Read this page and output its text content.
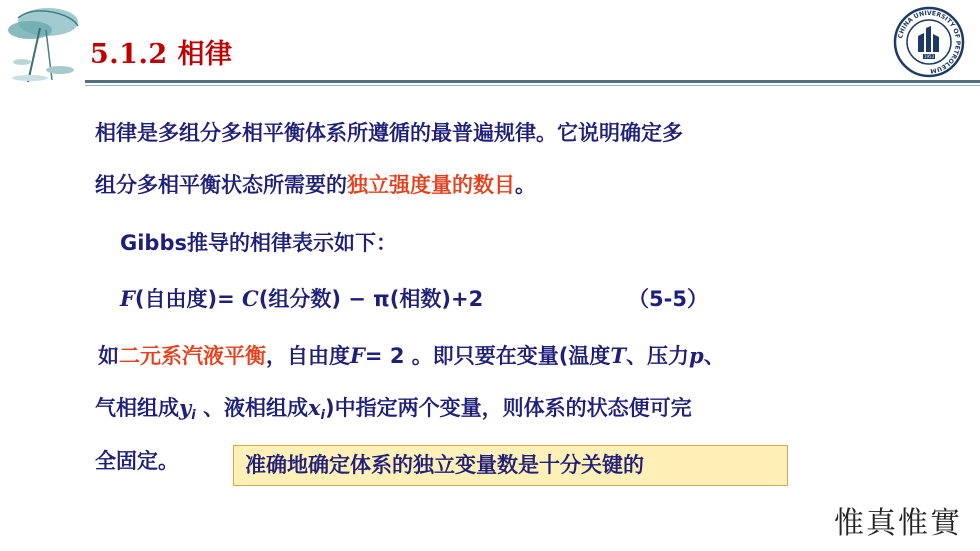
5.1.2 相律
CHINA UNIVERSITY OF PETROLEUM
1953
相律是多组分多相平衡体系所遵循的最普遍规律。它说明确定多
组分多相平衡状态所需要的独立强度量的数目。
Gibbs推导的相律表示如下：
F(自由度)= C(组分数) − π(相数)+2	（5-5）
如二元系汽液平衡，自由度F= 2 。即只要在变量(温度T、压力p、
气相组成$y_i$ 、液相组成$x_i$)中指定两个变量，则体系的状态便可完
全固定。	准确地确定体系的独立变量数是十分关键的
惟真惟實
